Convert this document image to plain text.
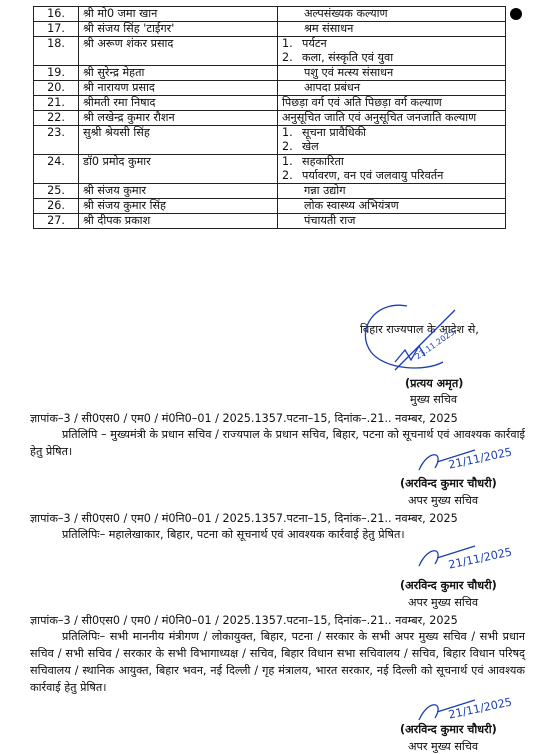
16.	श्री मो0 जमा खान	अल्पसंख्यक कल्याण

17.	श्री संजय सिंह 'टाईगर'	श्रम संसाधन

18.	श्री अरूण शंकर प्रसाद	1. पर्यटन
2. कला, संस्कृति एवं युवा

19.	श्री सुरेन्द्र मेहता	पशु एवं मत्स्य संसाधन

20.	श्री नारायण प्रसाद	आपदा प्रबंधन

21.	श्रीमती रमा निषाद	पिछड़ा वर्ग एवं अति पिछड़ा वर्ग कल्याण

22.	श्री लखेन्द्र कुमार रौशन	अनुसूचित जाति एवं अनुसूचित जनजाति कल्याण

23.	सुश्री श्रेयसी सिंह	1. सूचना प्रावैधिकी
2. खेल

24.	डॉ0 प्रमोद कुमार	1. सहकारिता
2. पर्यावरण, वन एवं जलवायु परिवर्तन

25.	श्री संजय कुमार	गन्ना उद्योग

26.	श्री संजय कुमार सिंह	लोक स्वास्थ्य अभियंत्रण

27.	श्री दीपक प्रकाश	पंचायती राज
बिहार राज्यपाल के आदेश से,
23.11.2025
(प्रत्यय अमृत)
मुख्य सचिव
ज्ञापांक–3 / सी0एस0 / एम0 / मं0नि0–01 / 2025.1357.पटना–15, दिनांक–.21.. नवम्बर, 2025
प्रतिलिपि – मुख्यमंत्री के प्रधान सचिव / राज्यपाल के प्रधान सचिव, बिहार, पटना को सूचनार्थ एवं आवश्यक कार्रवाई हेतु प्रेषित।	21/11/2025
(अरविन्द कुमार चौधरी)
अपर मुख्य सचिव
ज्ञापांक–3 / सी0एस0 / एम0 / मं0नि0–01 / 2025.1357.पटना–15, दिनांक–.21.. नवम्बर, 2025
प्रतिलिपिः– महालेखाकार, बिहार, पटना को सूचनार्थ एवं आवश्यक कार्रवाई हेतु प्रेषित।
21/11/2025
(अरविन्द कुमार चौधरी)
अपर मुख्य सचिव
ज्ञापांक–3 / सी0एस0 / एम0 / मं0नि0–01 / 2025.1357.पटना–15, दिनांक–.21.. नवम्बर, 2025
प्रतिलिपिः– सभी माननीय मंत्रीगण / लोकायुक्त, बिहार, पटना / सरकार के सभी अपर मुख्य सचिव / सभी प्रधान सचिव / सभी सचिव / सरकार के सभी विभागाध्यक्ष / सचिव, बिहार विधान सभा सचिवालय / सचिव, बिहार विधान परिषद् सचिवालय / स्थानिक आयुक्त, बिहार भवन, नई दिल्ली / गृह मंत्रालय, भारत सरकार, नई दिल्ली को सूचनार्थ एवं आवश्यक कार्रवाई हेतु प्रेषित।
21/11/2025
(अरविन्द कुमार चौधरी)
अपर मुख्य सचिव
